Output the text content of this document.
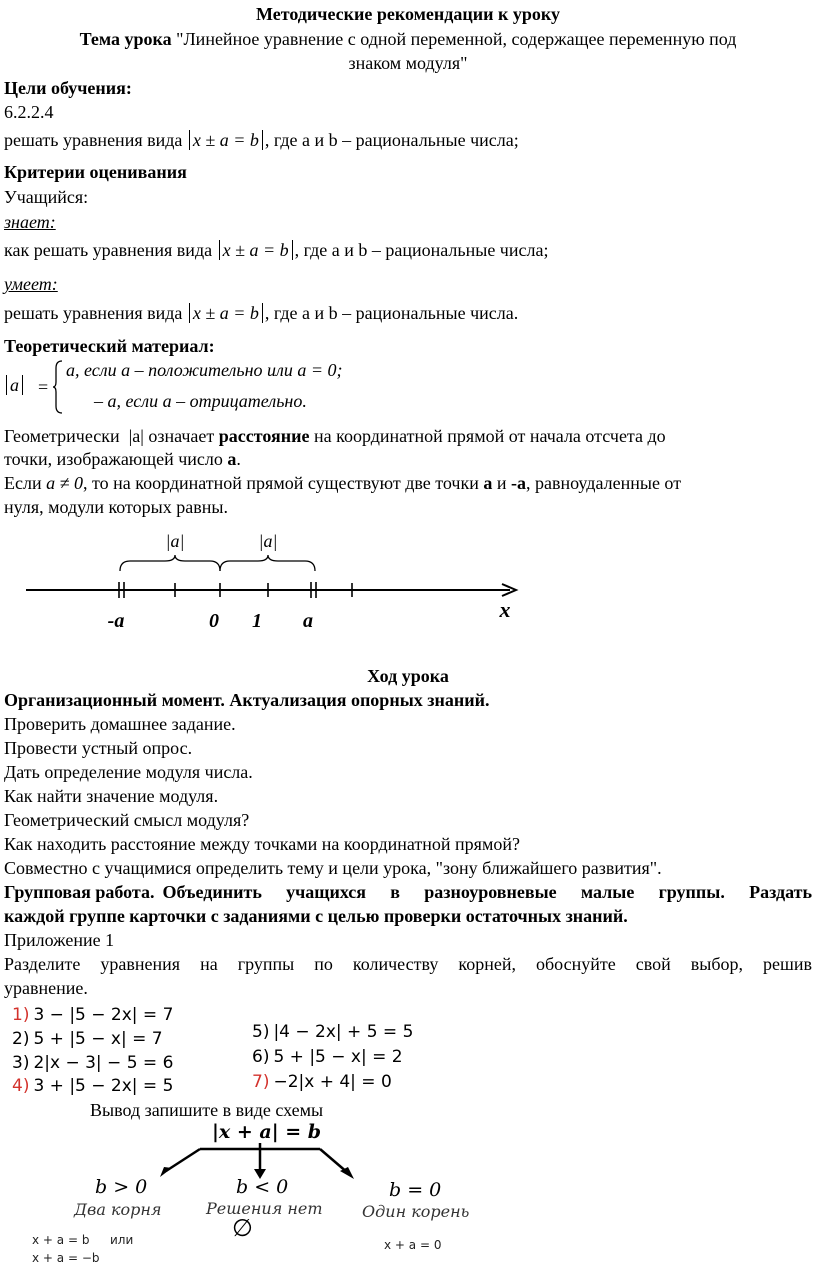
Методические рекомендации к уроку
Тема урока "Линейное уравнение с одной переменной, содержащее переменную под
знаком модуля"
Цели обучения:
6.2.2.4
решать уравнения вида x ± a = b , где а и b – рациональные числа;
Критерии оценивания
Учащийся:
знает:
как решать уравнения вида x ± a = b , где а и b – рациональные числа;
умеет:
решать уравнения вида x ± a = b , где а и b – рациональные числа.
Теоретический материал:
a =
a, если a – положительно или a = 0;
– a, если a – отрицательно.
Геометрически |a| означает расстояние на координатной прямой от начала отсчета до
точки, изображающей число а.
Если a ≠ 0, то на координатной прямой существуют две точки а и -а, равноудаленные от
нуля, модули которых равны.
|a|	|a|
-a	0 1 a	x
Ход урока
Организационный момент. Актуализация опорных знаний.
Проверить домашнее задание.
Провести устный опрос.
Дать определение модуля числа.
Как найти значение модуля.
Геометрический смысл модуля?
Как находить расстояние между точками на координатной прямой?
Совместно с учащимися определить тему и цели урока, "зону ближайшего развития".
Групповая работа. Объединить учащихся в разноуровневые малые группы. Раздать
каждой группе карточки с заданиями с целью проверки остаточных знаний.
Приложение 1
Разделите уравнения на группы по количеству корней, обоснуйте свой выбор, решив
уравнение.
1) 3 − |5 − 2x| = 7
2) 5 + |5 − x| = 7
3) 2|x − 3| − 5 = 6
4) 3 + |5 − 2x| = 5
5) |4 − 2x| + 5 = 5
6) 5 + |5 − x| = 2
7) −2|x + 4| = 0
Вывод запишите в виде схемы
|x + a| = b
b > 0
Два корня
x + a = b или
x + a = −b
b < 0
Решения нет
∅
b = 0
Один корень
x + a = 0
